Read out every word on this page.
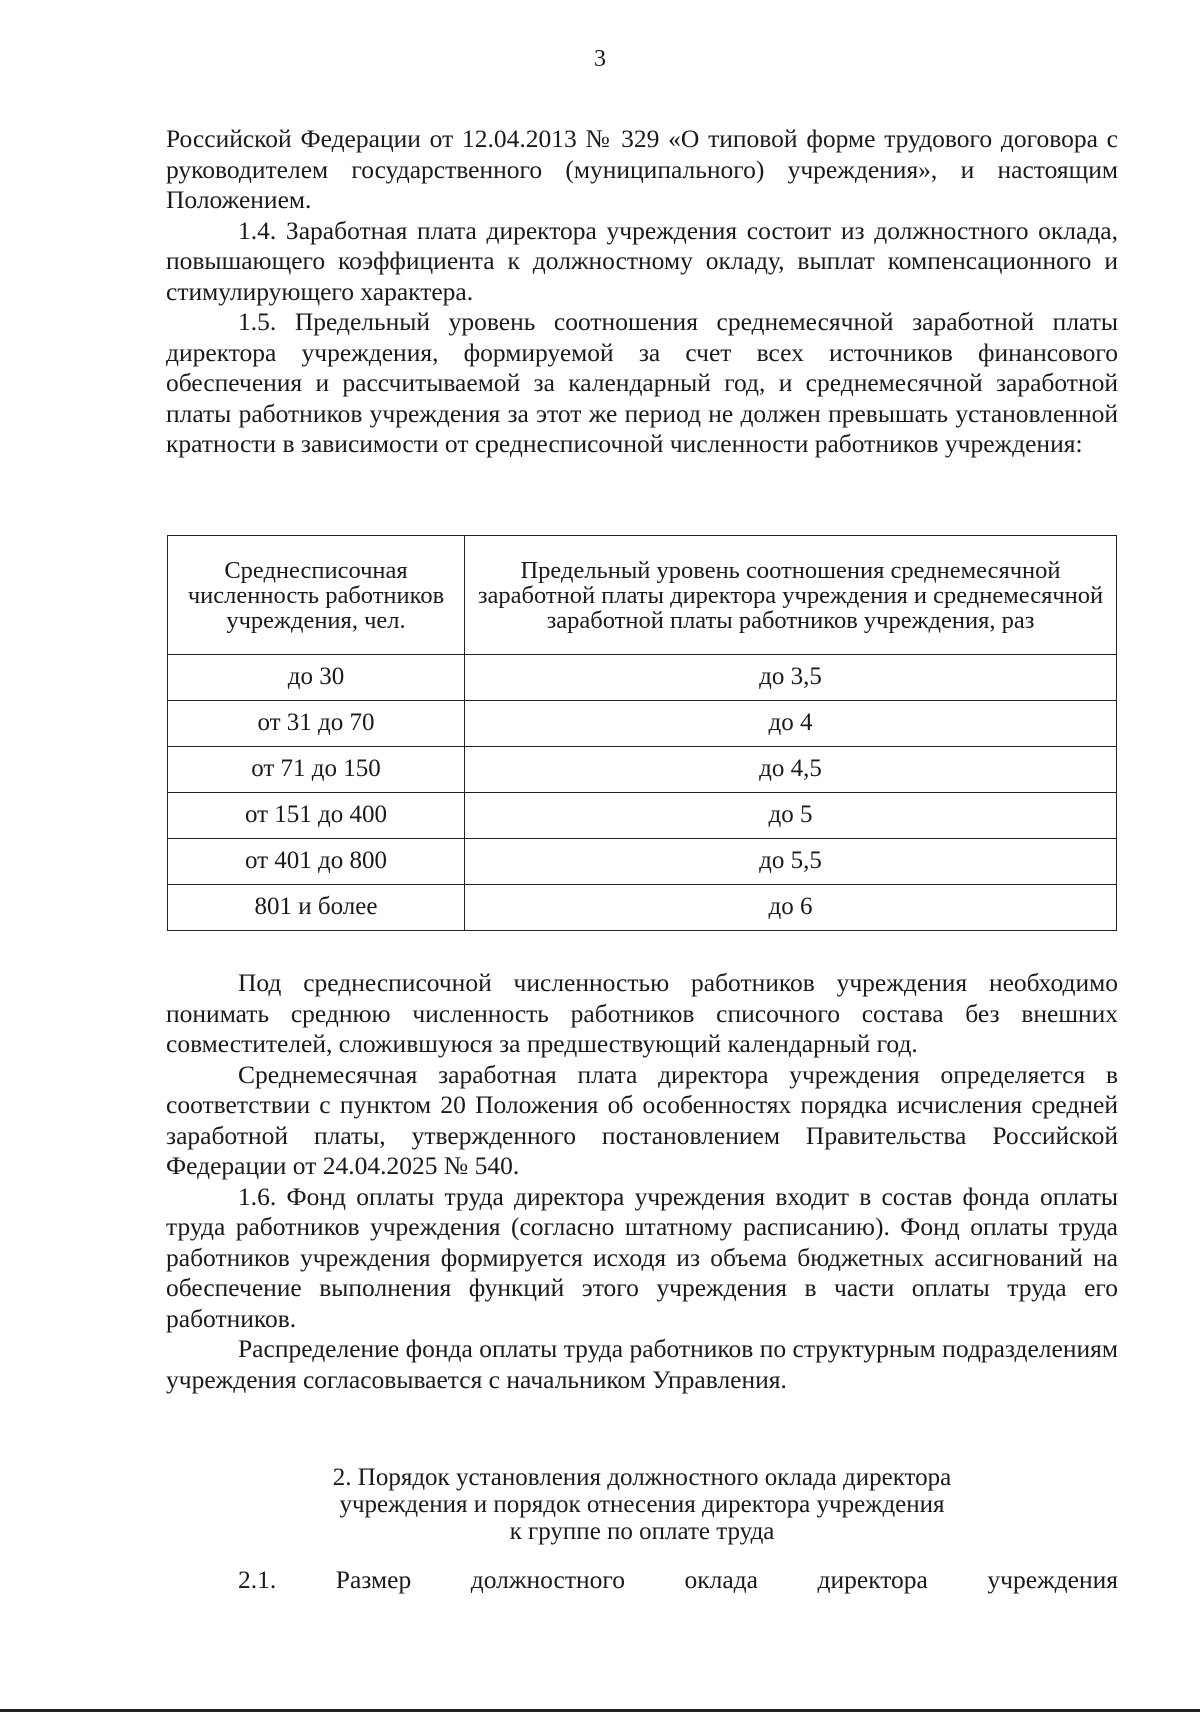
3

Российской Федерации от 12.04.2013 № 329 «О типовой форме трудового договора с руководителем государственного (муниципального) учреждения», и настоящим Положением.

1.4. Заработная плата директора учреждения состоит из должностного оклада, повышающего коэффициента к должностному окладу, выплат компенсационного и стимулирующего характера.

1.5. Предельный уровень соотношения среднемесячной заработной платы директора учреждения, формируемой за счет всех источников финансового обеспечения и рассчитываемой за календарный год, и среднемесячной заработной платы работников учреждения за этот же период не должен превышать установленной кратности в зависимости от среднесписочной численности работников учреждения:

Среднесписочная численность работников учреждения, чел.	Предельный уровень соотношения среднемесячной заработной платы директора учреждения и среднемесячной заработной платы работников учреждения, раз
до 30	до 3,5
от 31 до 70	до 4
от 71 до 150	до 4,5
от 151 до 400	до 5
от 401 до 800	до 5,5
801 и более	до 6

Под среднесписочной численностью работников учреждения необходимо понимать среднюю численность работников списочного состава без внешних совместителей, сложившуюся за предшествующий календарный год.

Среднемесячная заработная плата директора учреждения определяется в соответствии с пунктом 20 Положения об особенностях порядка исчисления средней заработной платы, утвержденного постановлением Правительства Российской Федерации от 24.04.2025 № 540.

1.6. Фонд оплаты труда директора учреждения входит в состав фонда оплаты труда работников учреждения (согласно штатному расписанию). Фонд оплаты труда работников учреждения формируется исходя из объема бюджетных ассигнований на обеспечение выполнения функций этого учреждения в части оплаты труда его работников.

Распределение фонда оплаты труда работников по структурным подразделениям учреждения согласовывается с начальником Управления.

2. Порядок установления должностного оклада директора
учреждения и порядок отнесения директора учреждения
к группе по оплате труда

2.1. Размер должностного оклада директора учреждения
